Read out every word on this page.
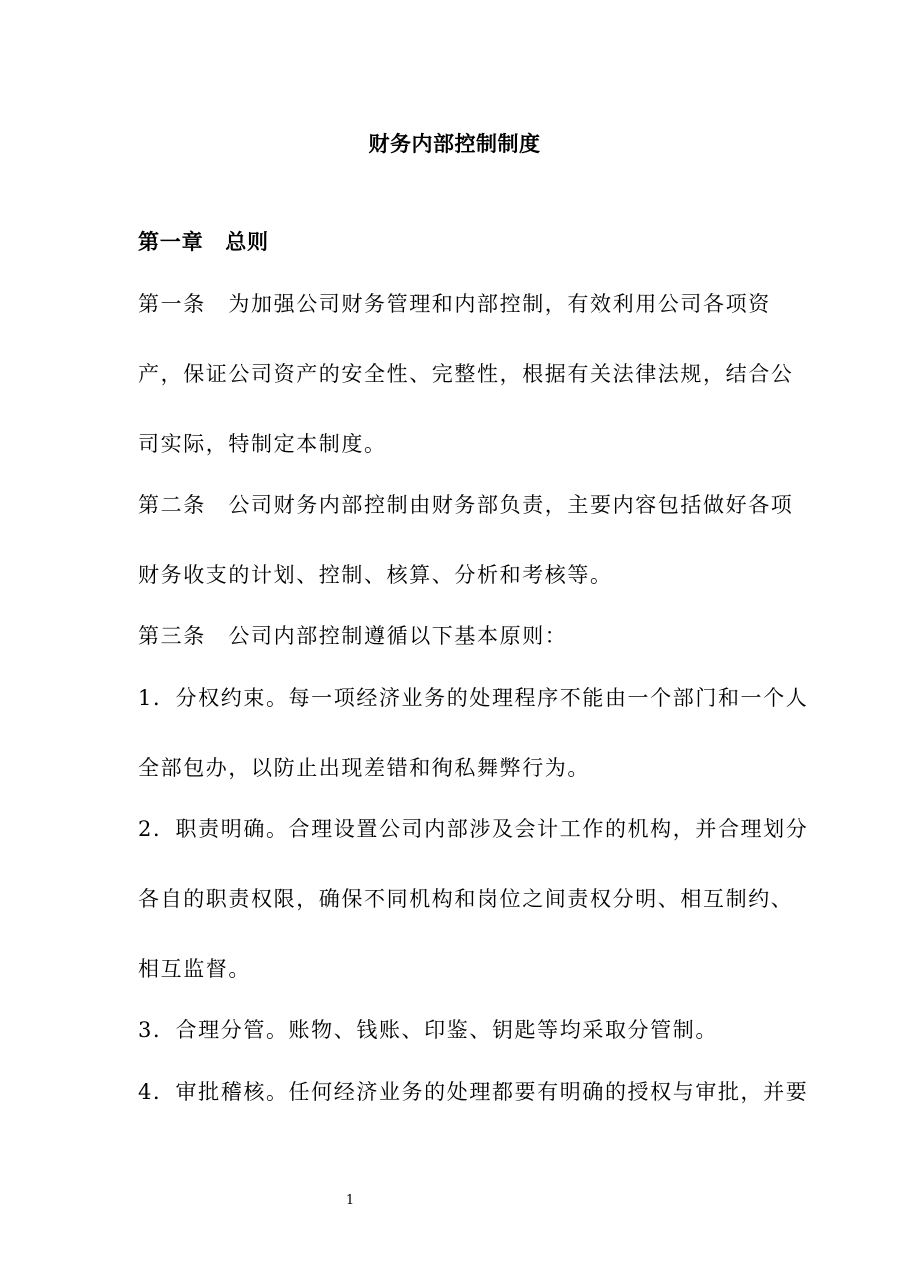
财务内部控制制度
第一章　总则
第一条　为加强公司财务管理和内部控制，有效利用公司各项资
产，保证公司资产的安全性、完整性，根据有关法律法规，结合公
司实际，特制定本制度。
第二条　公司财务内部控制由财务部负责，主要内容包括做好各项
财务收支的计划、控制、核算、分析和考核等。
第三条　公司内部控制遵循以下基本原则：
1．分权约束。每一项经济业务的处理程序不能由一个部门和一个人
全部包办，以防止出现差错和徇私舞弊行为。
2．职责明确。合理设置公司内部涉及会计工作的机构，并合理划分
各自的职责权限，确保不同机构和岗位之间责权分明、相互制约、
相互监督。
3．合理分管。账物、钱账、印鉴、钥匙等均采取分管制。
4．审批稽核。任何经济业务的处理都要有明确的授权与审批，并要
1
